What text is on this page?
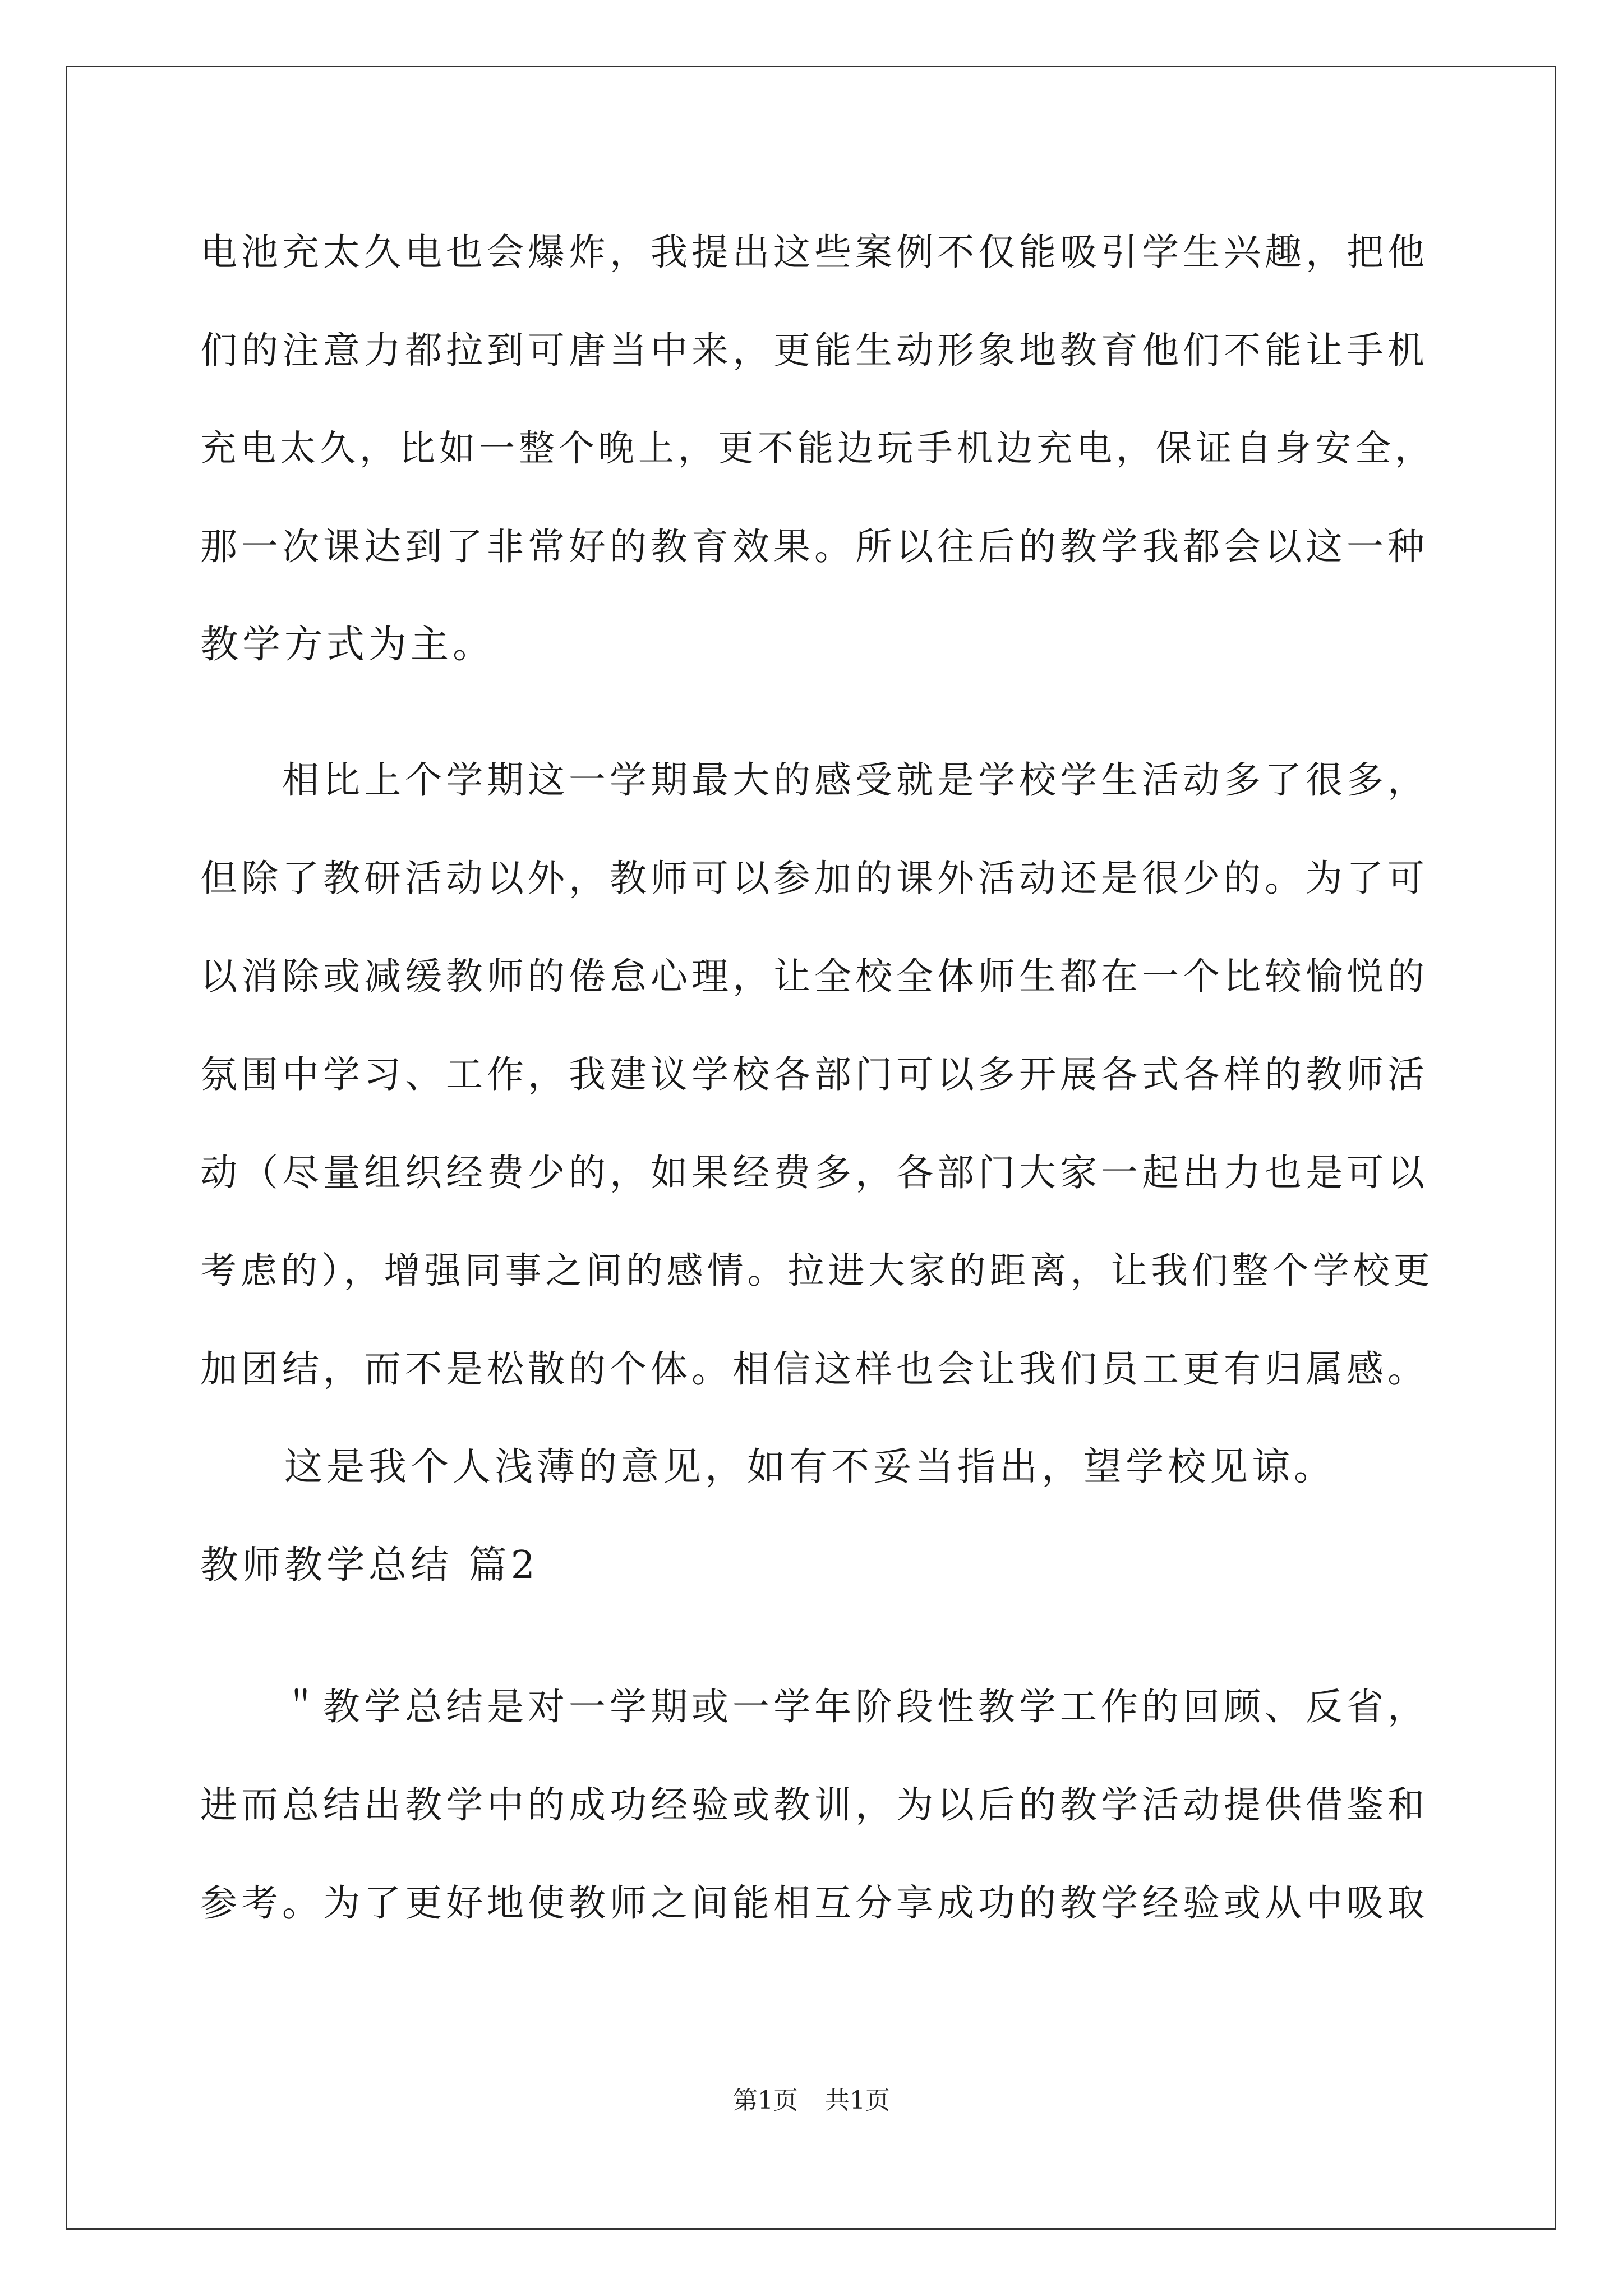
电池充太久电也会爆炸，我提出这些案例不仅能吸引学生兴趣，把他
们的注意力都拉到可唐当中来，更能生动形象地教育他们不能让手机
充电太久，比如一整个晚上，更不能边玩手机边充电，保证自身安全，
那一次课达到了非常好的教育效果。所以往后的教学我都会以这一种
教学方式为主。
　　相比上个学期这一学期最大的感受就是学校学生活动多了很多，
但除了教研活动以外，教师可以参加的课外活动还是很少的。为了可
以消除或减缓教师的倦怠心理，让全校全体师生都在一个比较愉悦的
氛围中学习、工作，我建议学校各部门可以多开展各式各样的教师活
动（尽量组织经费少的，如果经费多，各部门大家一起出力也是可以
考虑的），增强同事之间的感情。拉进大家的距离，让我们整个学校更
加团结，而不是松散的个体。相信这样也会让我们员工更有归属感。
　　这是我个人浅薄的意见，如有不妥当指出，望学校见谅。
教师教学总结 篇2
　　＂教学总结是对一学期或一学年阶段性教学工作的回顾、反省，
进而总结出教学中的成功经验或教训，为以后的教学活动提供借鉴和
参考。为了更好地使教师之间能相互分享成功的教学经验或从中吸取
第1页 共1页
